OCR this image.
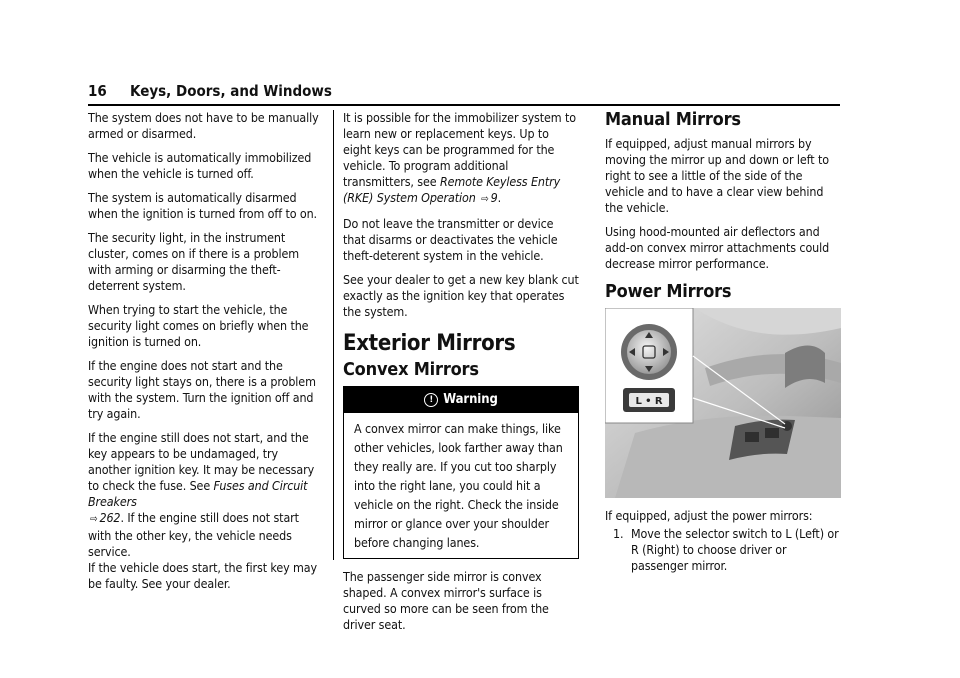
16 Keys, Doors, and Windows

The system does not have to be manually armed or disarmed.

The vehicle is automatically immobilized when the vehicle is turned off.

The system is automatically disarmed when the ignition is turned from off to on.

The security light, in the instrument cluster, comes on if there is a problem with arming or disarming the theft-deterrent system.

When trying to start the vehicle, the security light comes on briefly when the ignition is turned on.

If the engine does not start and the security light stays on, there is a problem with the system. Turn the ignition off and try again.

If the engine still does not start, and the key appears to be undamaged, try another ignition key. It may be necessary to check the fuse. See Fuses and Circuit Breakers
⇨ 262. If the engine still does not start with the other key, the vehicle needs service.

If the vehicle does start, the first key may be faulty. See your dealer.

It is possible for the immobilizer system to learn new or replacement keys. Up to eight keys can be programmed for the vehicle. To program additional transmitters, see Remote Keyless Entry (RKE) System Operation ⇨ 9.

Do not leave the transmitter or device that disarms or deactivates the vehicle theft-deterent system in the vehicle.

See your dealer to get a new key blank cut exactly as the ignition key that operates the system.

Exterior Mirrors
Convex Mirrors
! Warning
A convex mirror can make things, like other vehicles, look farther away than they really are. If you cut too sharply into the right lane, you could hit a vehicle on the right. Check the inside mirror or glance over your shoulder before changing lanes.

The passenger side mirror is convex shaped. A convex mirror's surface is curved so more can be seen from the driver seat.

Manual Mirrors

If equipped, adjust manual mirrors by moving the mirror up and down or left to right to see a little of the side of the vehicle and to have a clear view behind the vehicle.

Using hood-mounted air deflectors and add-on convex mirror attachments could decrease mirror performance.

Power Mirrors
L • R

If equipped, adjust the power mirrors:

1. Move the selector switch to L (Left) or R (Right) to choose driver or passenger mirror.
